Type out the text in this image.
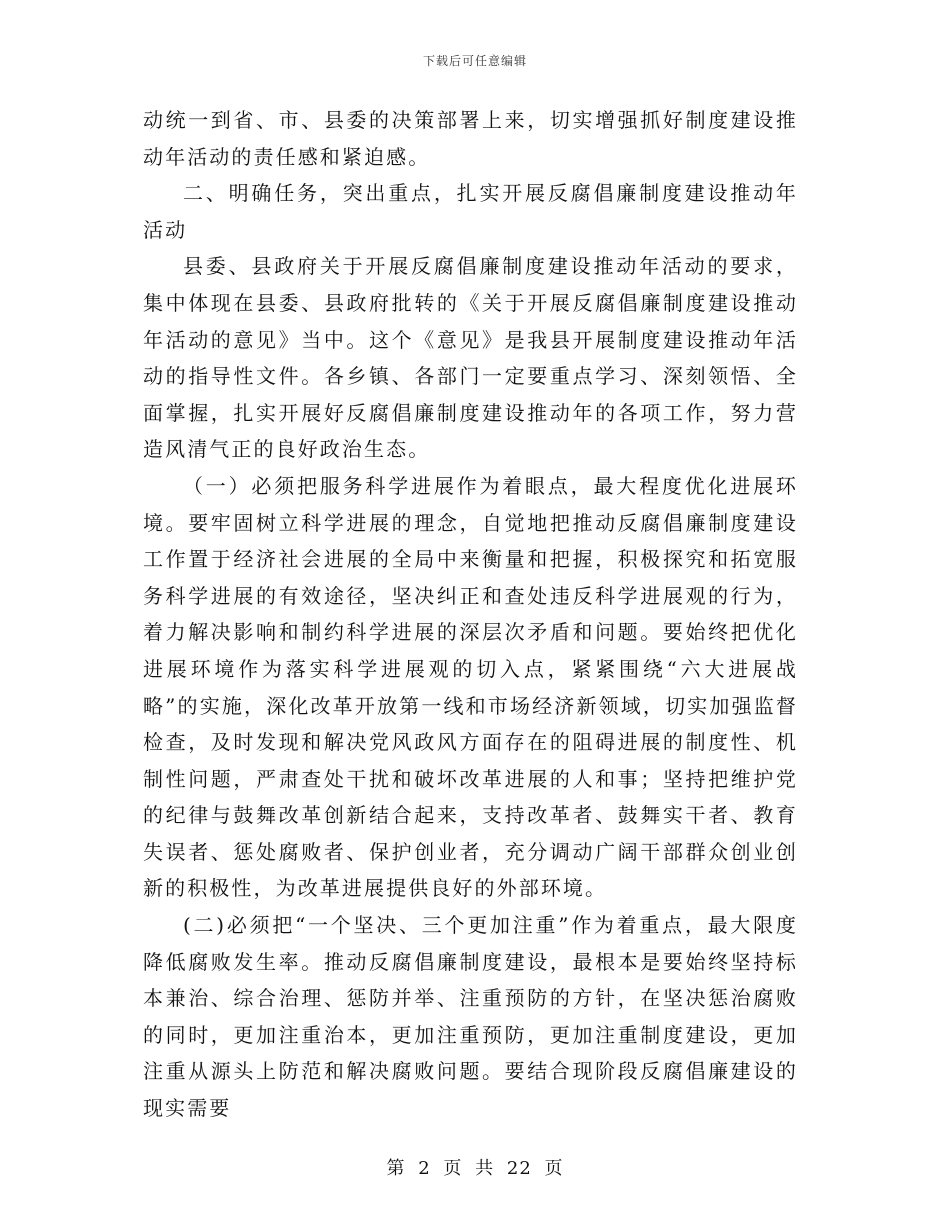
下载后可任意编辑

动统一到省、市、县委的决策部署上来，切实增强抓好制度建设推动年活动的责任感和紧迫感。

二、明确任务，突出重点，扎实开展反腐倡廉制度建设推动年活动

县委、县政府关于开展反腐倡廉制度建设推动年活动的要求，集中体现在县委、县政府批转的《关于开展反腐倡廉制度建设推动年活动的意见》当中。这个《意见》是我县开展制度建设推动年活动的指导性文件。各乡镇、各部门一定要重点学习、深刻领悟、全面掌握，扎实开展好反腐倡廉制度建设推动年的各项工作，努力营造风清气正的良好政治生态。

（一）必须把服务科学进展作为着眼点，最大程度优化进展环境。要牢固树立科学进展的理念，自觉地把推动反腐倡廉制度建设工作置于经济社会进展的全局中来衡量和把握，积极探究和拓宽服务科学进展的有效途径，坚决纠正和查处违反科学进展观的行为，着力解决影响和制约科学进展的深层次矛盾和问题。要始终把优化进展环境作为落实科学进展观的切入点，紧紧围绕“六大进展战略”的实施，深化改革开放第一线和市场经济新领域，切实加强监督检查，及时发现和解决党风政风方面存在的阻碍进展的制度性、机制性问题，严肃查处干扰和破坏改革进展的人和事；坚持把维护党的纪律与鼓舞改革创新结合起来，支持改革者、鼓舞实干者、教育失误者、惩处腐败者、保护创业者，充分调动广阔干部群众创业创新的积极性，为改革进展提供良好的外部环境。

(二)必须把“一个坚决、三个更加注重”作为着重点，最大限度降低腐败发生率。推动反腐倡廉制度建设，最根本是要始终坚持标本兼治、综合治理、惩防并举、注重预防的方针，在坚决惩治腐败的同时，更加注重治本，更加注重预防，更加注重制度建设，更加注重从源头上防范和解决腐败问题。要结合现阶段反腐倡廉建设的现实需要

第 2 页 共 22 页
